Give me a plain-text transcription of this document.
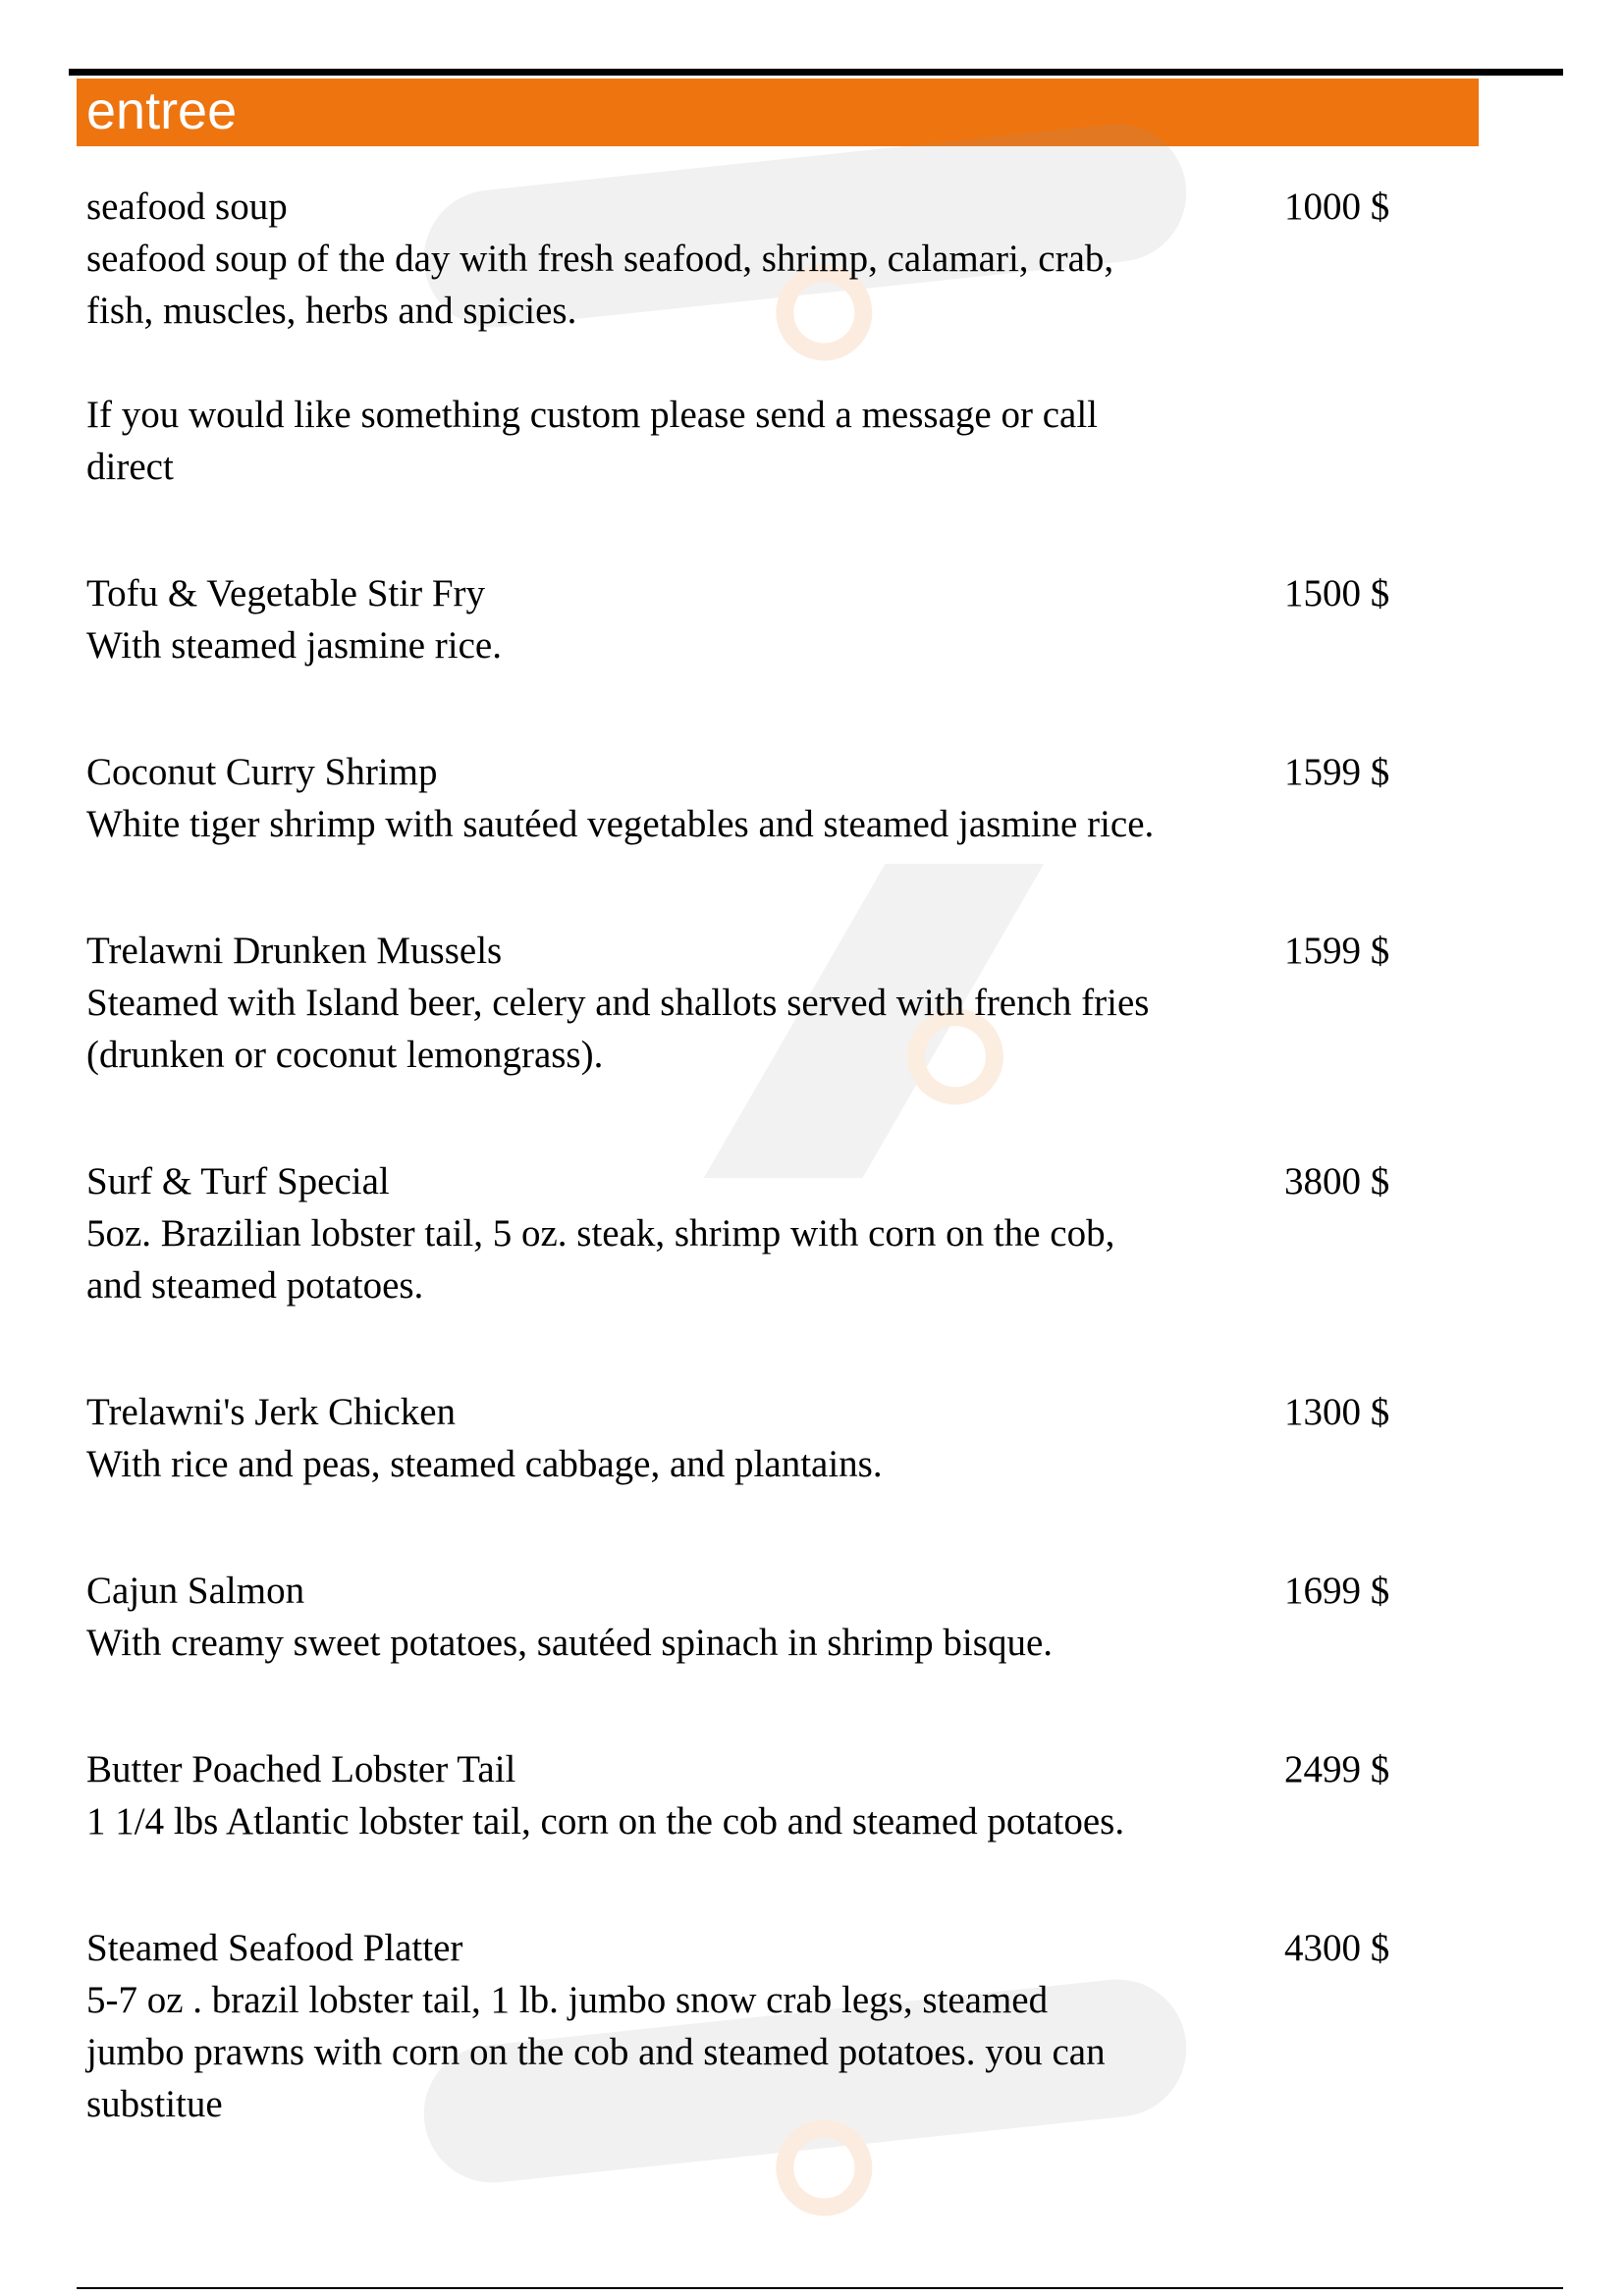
entree
seafood soup	1000 $
seafood soup of the day with fresh seafood, shrimp, calamari, crab,
fish, muscles, herbs and spicies.
If you would like something custom please send a message or call
direct
Tofu & Vegetable Stir Fry	1500 $
With steamed jasmine rice.
Coconut Curry Shrimp	1599 $
White tiger shrimp with sautéed vegetables and steamed jasmine rice.
Trelawni Drunken Mussels	1599 $
Steamed with Island beer, celery and shallots served with french fries
(drunken or coconut lemongrass).
Surf & Turf Special	3800 $
5oz. Brazilian lobster tail, 5 oz. steak, shrimp with corn on the cob,
and steamed potatoes.
Trelawni's Jerk Chicken	1300 $
With rice and peas, steamed cabbage, and plantains.
Cajun Salmon	1699 $
With creamy sweet potatoes, sautéed spinach in shrimp bisque.
Butter Poached Lobster Tail	2499 $
1 1/4 lbs Atlantic lobster tail, corn on the cob and steamed potatoes.
Steamed Seafood Platter	4300 $
5-7 oz . brazil lobster tail, 1 lb. jumbo snow crab legs, steamed
jumbo prawns with corn on the cob and steamed potatoes. you can
substitue
